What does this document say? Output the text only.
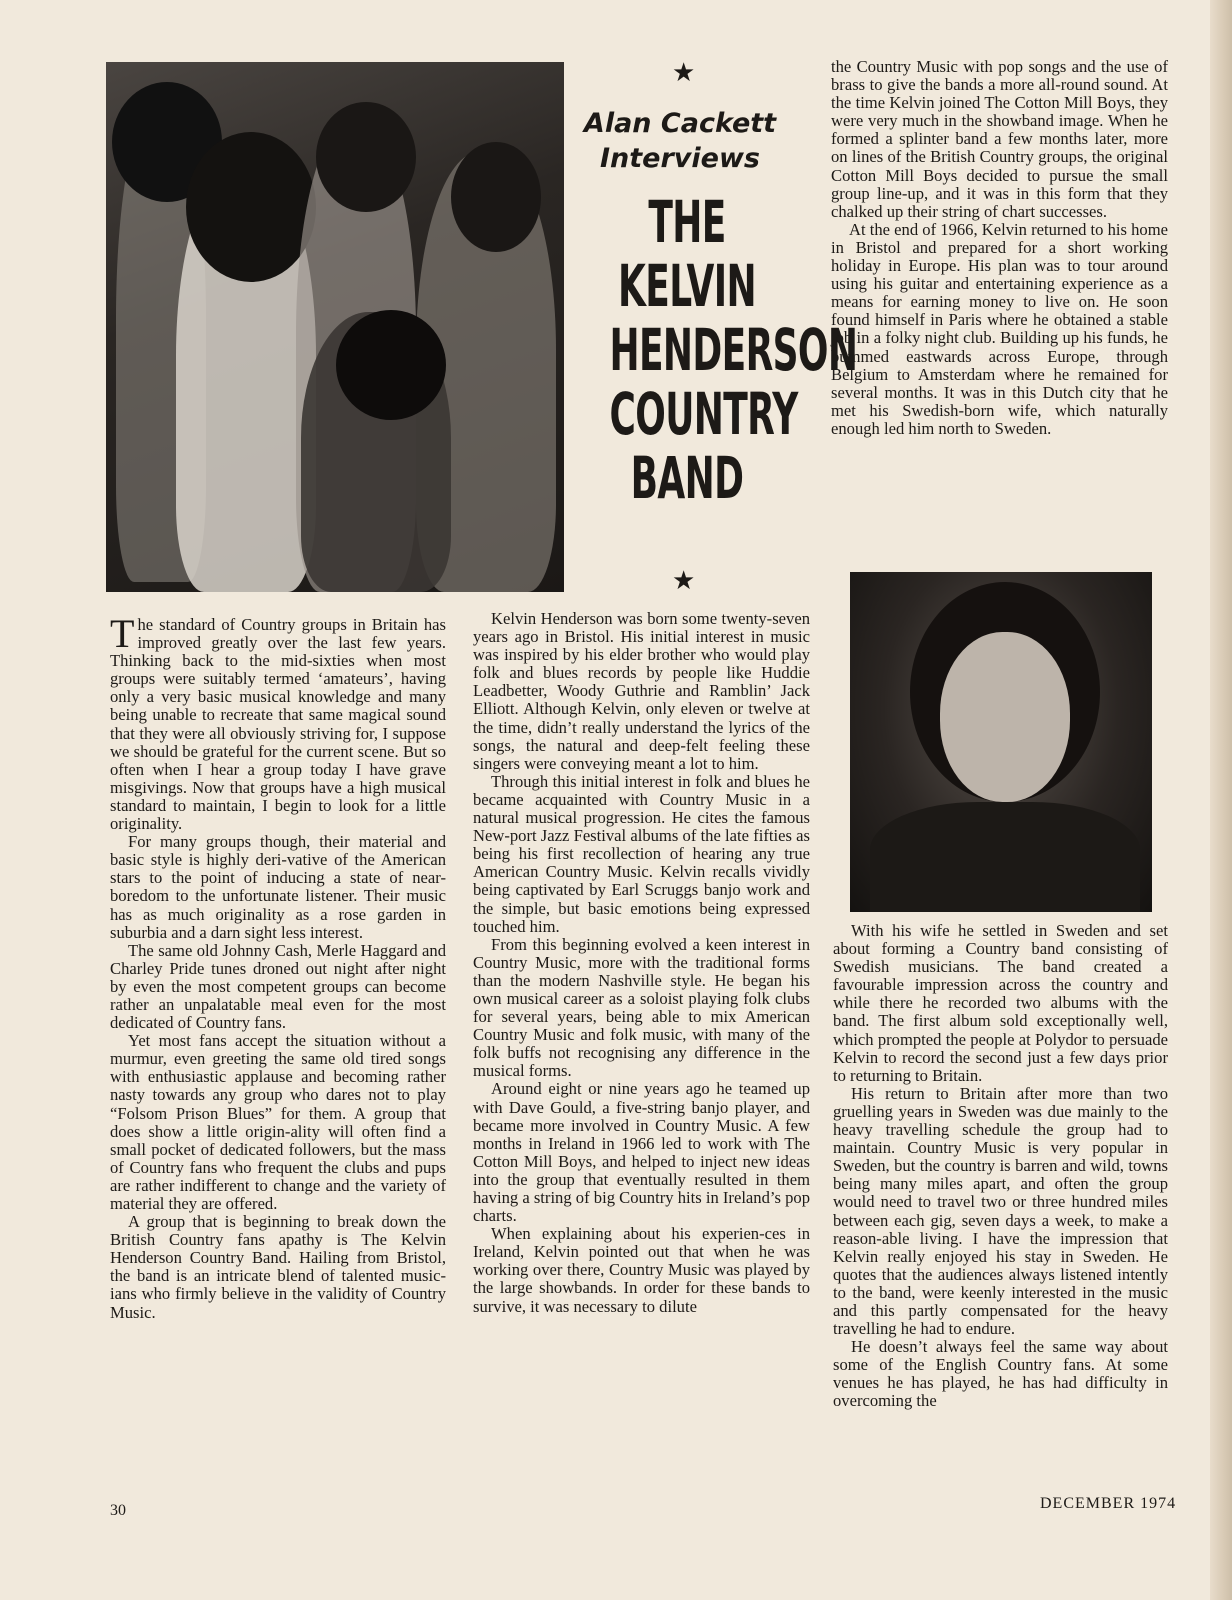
★
★
Alan Cackett
Interviews
THE
KELVIN
HENDERSON
COUNTRY
BAND

The standard of Country groups in Britain has improved greatly over the last few years. Thinking back to the mid-sixties when most groups were suitably termed ‘amateurs’, having only a very basic musical knowledge and many being unable to recreate that same magical sound that they were all obviously striving for, I suppose we should be grateful for the current scene. But so often when I hear a group today I have grave misgivings. Now that groups have a high musical standard to maintain, I begin to look for a little originality.

For many groups though, their material and basic style is highly deri-vative of the American stars to the point of inducing a state of near-boredom to the unfortunate listener. Their music has as much originality as a rose garden in suburbia and a darn sight less interest.

The same old Johnny Cash, Merle Haggard and Charley Pride tunes droned out night after night by even the most competent groups can become rather an unpalatable meal even for the most dedicated of Country fans.

Yet most fans accept the situation without a murmur, even greeting the same old tired songs with enthusiastic applause and becoming rather nasty towards any group who dares not to play “Folsom Prison Blues” for them. A group that does show a little origin-ality will often find a small pocket of dedicated followers, but the mass of Country fans who frequent the clubs and pups are rather indifferent to change and the variety of material they are offered.

A group that is beginning to break down the British Country fans apathy is The Kelvin Henderson Country Band. Hailing from Bristol, the band is an intricate blend of talented music-ians who firmly believe in the validity of Country Music.

Kelvin Henderson was born some twenty-seven years ago in Bristol. His initial interest in music was inspired by his elder brother who would play folk and blues records by people like Huddie Leadbetter, Woody Guthrie and Ramblin’ Jack Elliott. Although Kelvin, only eleven or twelve at the time, didn’t really understand the lyrics of the songs, the natural and deep-felt feeling these singers were conveying meant a lot to him.

Through this initial interest in folk and blues he became acquainted with Country Music in a natural musical progression. He cites the famous New-port Jazz Festival albums of the late fifties as being his first recollection of hearing any true American Country Music. Kelvin recalls vividly being captivated by Earl Scruggs banjo work and the simple, but basic emotions being expressed touched him.

From this beginning evolved a keen interest in Country Music, more with the traditional forms than the modern Nashville style. He began his own musical career as a soloist playing folk clubs for several years, being able to mix American Country Music and folk music, with many of the folk buffs not recognising any difference in the musical forms.

Around eight or nine years ago he teamed up with Dave Gould, a five-string banjo player, and became more involved in Country Music. A few months in Ireland in 1966 led to work with The Cotton Mill Boys, and helped to inject new ideas into the group that eventually resulted in them having a string of big Country hits in Ireland’s pop charts.

When explaining about his experien-ces in Ireland, Kelvin pointed out that when he was working over there, Country Music was played by the large showbands. In order for these bands to survive, it was necessary to dilute

the Country Music with pop songs and the use of brass to give the bands a more all-round sound. At the time Kelvin joined The Cotton Mill Boys, they were very much in the showband image. When he formed a splinter band a few months later, more on lines of the British Country groups, the original Cotton Mill Boys decided to pursue the small group line-up, and it was in this form that they chalked up their string of chart successes.

At the end of 1966, Kelvin returned to his home in Bristol and prepared for a short working holiday in Europe. His plan was to tour around using his guitar and entertaining experience as a means for earning money to live on. He soon found himself in Paris where he obtained a stable job in a folky night club. Building up his funds, he bummed eastwards across Europe, through Belgium to Amsterdam where he remained for several months. It was in this Dutch city that he met his Swedish-born wife, which naturally enough led him north to Sweden.

With his wife he settled in Sweden and set about forming a Country band consisting of Swedish musicians. The band created a favourable impression across the country and while there he recorded two albums with the band. The first album sold exceptionally well, which prompted the people at Polydor to persuade Kelvin to record the second just a few days prior to returning to Britain.

His return to Britain after more than two gruelling years in Sweden was due mainly to the heavy travelling schedule the group had to maintain. Country Music is very popular in Sweden, but the country is barren and wild, towns being many miles apart, and often the group would need to travel two or three hundred miles between each gig, seven days a week, to make a reason-able living. I have the impression that Kelvin really enjoyed his stay in Sweden. He quotes that the audiences always listened intently to the band, were keenly interested in the music and this partly compensated for the heavy travelling he had to endure.

He doesn’t always feel the same way about some of the English Country fans. At some venues he has played, he has had difficulty in overcoming the

30	DECEMBER 1974
